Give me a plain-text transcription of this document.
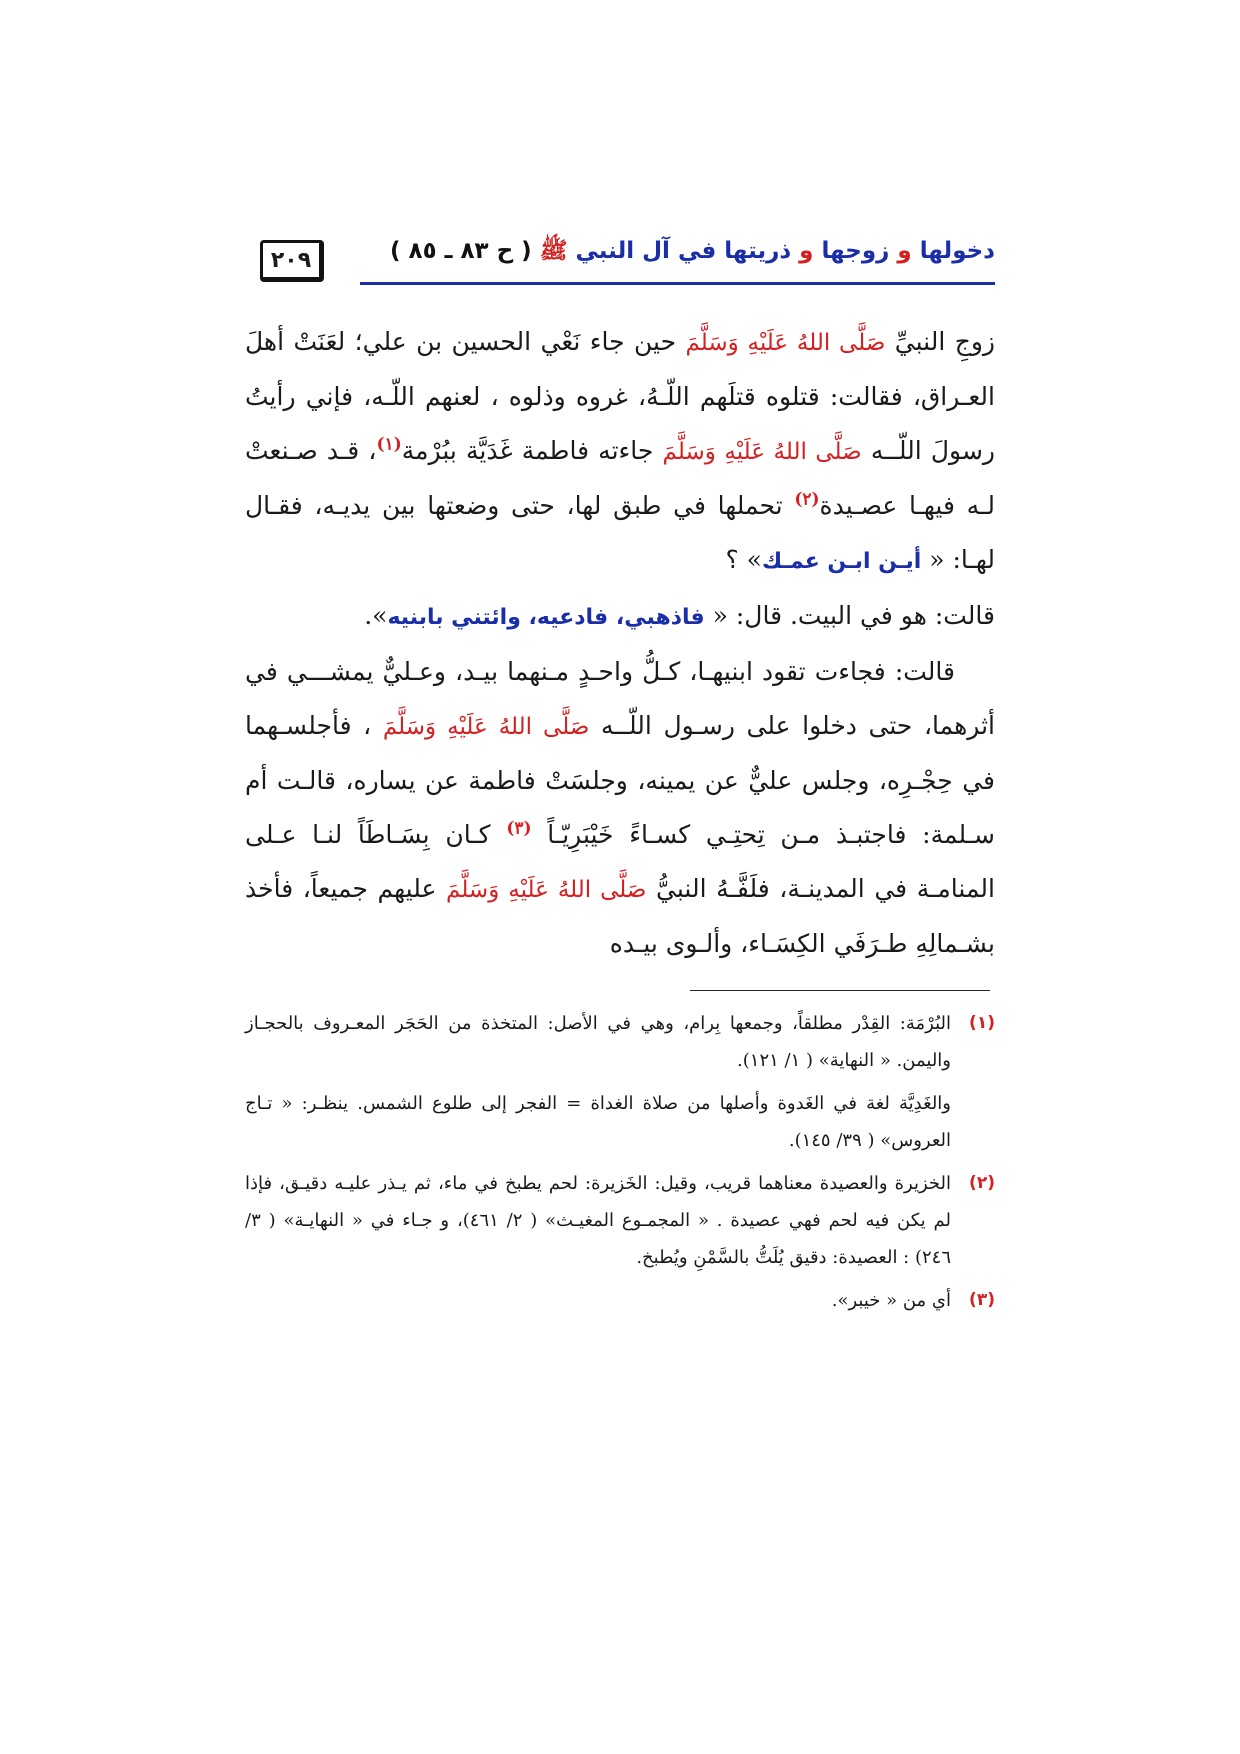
٢٠٩	دخولها و زوجها و ذريتها في آل النبي ﷺ ( ح ٨٣ ـ ٨٥ )

زوجِ النبيِّ صَلَّى اللهُ عَلَيْهِ وَسَلَّمَ حين جاء نَعْي الحسين بن علي؛ لعَنَتْ أهلَ العـراق، فقالت: قتلوه قتلَهم اللّـهُ، غروه وذلوه ، لعنهم اللّـه، فإني رأيتُ رسولَ اللّــه صَلَّى اللهُ عَلَيْهِ وَسَلَّمَ جاءته فاطمة غَدَيَّة ببُرْمة$^{(١)}$، قـد صـنعتْ لـه فيهـا عصـيدة$^{(٢)}$ تحملها في طبق لها، حتى وضعتها بين يديـه، فقـال لهـا: « أيـن ابـن عمـك» ؟

قالت: هو في البيت. قال: « فاذهبي، فادعيه، وائتني بابنيه».

قالت: فجاءت تقود ابنيهـا، كـلُّ واحـدٍ مـنهما بيـد، وعـليٌّ يمشـــي في أثرهما، حتى دخلوا على رسـول اللّــه صَلَّى اللهُ عَلَيْهِ وَسَلَّمَ ، فأجلسـهما في حِجْـرِه، وجلس عليٌّ عن يمينه، وجلسَتْ فاطمة عن يساره، قالـت أم سـلمة: فاجتبـذ مـن تِحتِـي كسـاءً خَيْبَرِيّـاً $^{(٣)}$ كـان بِسَـاطَاً لنـا عـلى المنامـة في المدينـة، فلَفَّـهُ النبيُّ صَلَّى اللهُ عَلَيْهِ وَسَلَّمَ عليهم جميعاً، فأخذ بشـمالِهِ طـرَفَي الكِسَـاء، وألـوى بيـده

(١)
البُرْمَة: القِدْر مطلقاً، وجمعها بِرام، وهي في الأصل: المتخذة من الحَجَر المعـروف بالحجـاز واليمن. « النهاية» ( ١/ ١٢١).
والغَدِيَّة لغة في الغَدوة وأصلها من صلاة الغداة = الفجر إلى طلوع الشمس. ينظـر: « تـاج العروس» ( ٣٩/ ١٤٥).
(٢)
الخزيرة والعصيدة معناهما قريب، وقيل: الخَزيرة: لحم يطبخ في ماء، ثم يـذر عليـه دقيـق، فإذا لم يكن فيه لحم فهي عصيدة . « المجمـوع المغيـث» ( ٢/ ٤٦١)، و جـاء في « النهايـة» ( ٣/ ٢٤٦) : العصيدة: دقيق يُلَتُّ بالسَّمْنِ ويُطبخ.
(٣)
أي من « خيبر».
